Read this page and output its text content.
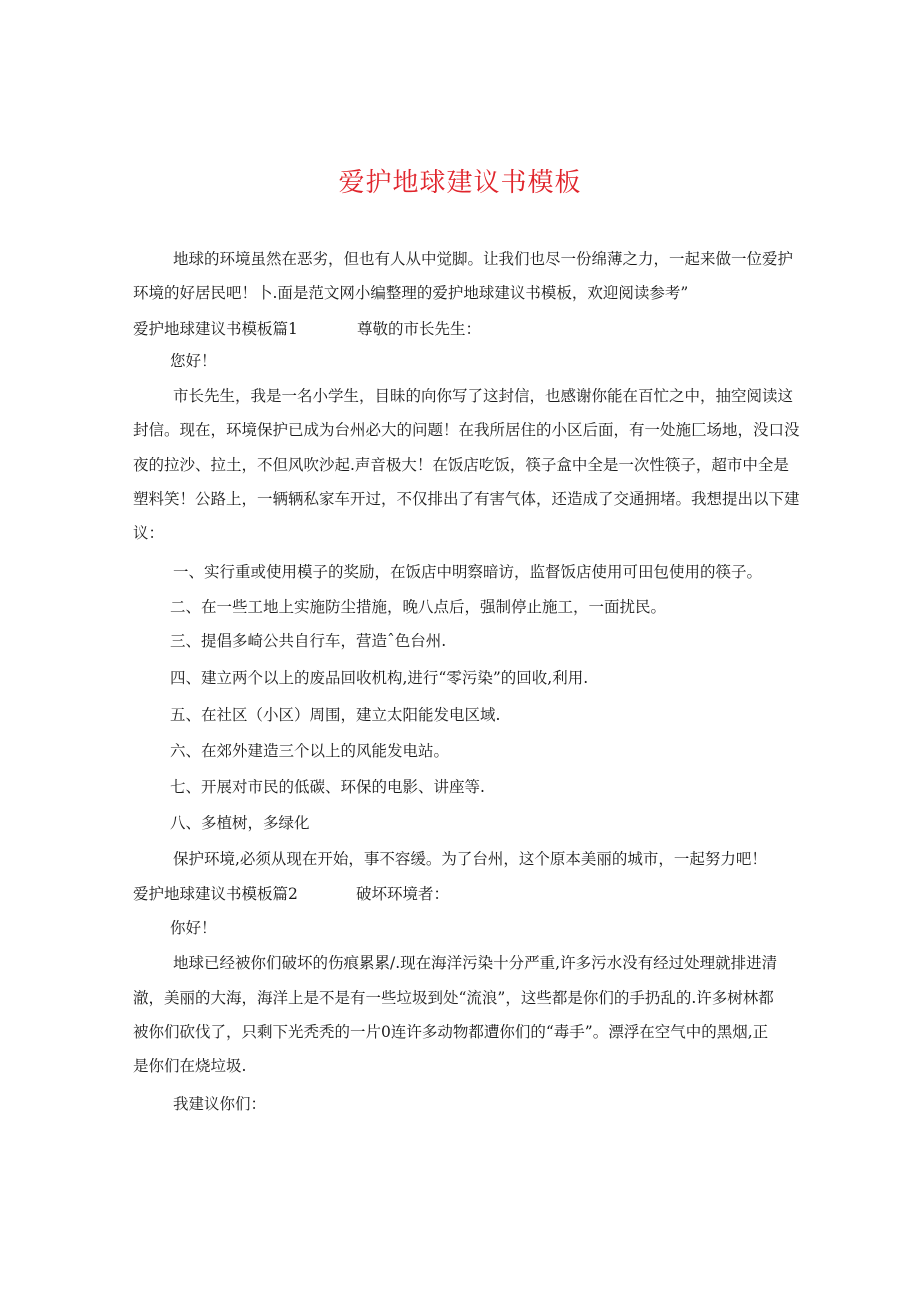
爱护地球建议书模板

地球的环境虽然在恶劣，但也有人从中觉脚。让我们也尽一份绵薄之力，一起来做一位爱护

环境的好居民吧！卜.面是范文网小编整理的爱护地球建议书模板，欢迎阅读参考”

爱护地球建议书模板篇1	尊敬的市长先生：

您好！

市长先生，我是一名小学生，目昧的向你写了这封信，也感谢你能在百忙之中，抽空阅读这

封信。现在，环境保护已成为台州必大的问题！在我所居住的小区后面，有一处施匚场地，没口没

夜的拉沙、拉土，不但风吹沙起.声音极大！在饭店吃饭，筷子盒中全是一次性筷子，超市中全是

塑料笑！公路上，一辆辆私家车开过，不仅排出了有害气体，还造成了交通拥堵。我想提出以下建

议：

一、实行重或使用模子的奖励，在饭店中明察暗访，监督饭店使用可田包使用的筷子。

二、在一些工地上实施防尘措施，晚八点后，强制停止施工，一面扰民。

三、提倡多崎公共自行车，营造ˆ色台州.

四、建立两个以上的废品回收机构,进行“零污染”的回收,利用.

五、在社区（小区）周围，建立太阳能发电区域.

六、在郊外建造三个以上的风能发电站。

七、开展对市民的低碳、环保的电影、讲座等.

八、多植树，多绿化

保护环境,必须从现在开始，事不容缓。为了台州，这个原本美丽的城市，一起努力吧！

爱护地球建议书模板篇2	破坏环境者：

你好！

地球已经被你们破坏的伤痕累累/.现在海洋污染十分严重,许多污水没有经过处理就排进清

澈，美丽的大海，海洋上是不是有一些垃圾到处“流浪”，这些都是你们的手扔乱的.许多树林都

被你们砍伐了，只剩下光秃秃的一片0连许多动物都遭你们的“毒手”。漂浮在空气中的黑烟,正

是你们在烧垃圾.

我建议你们：
